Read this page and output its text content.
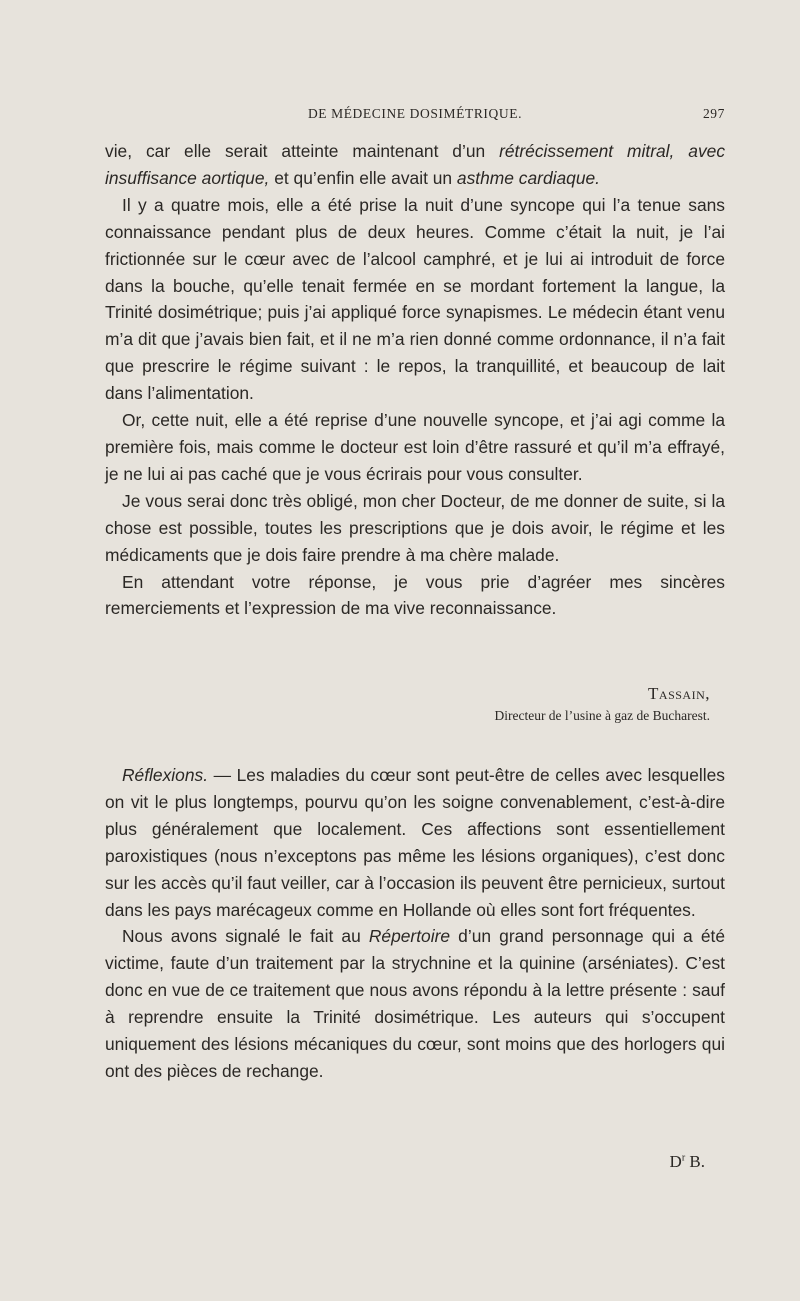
DE MÉDECINE DOSIMÉTRIQUE.	297

vie, car elle serait atteinte maintenant d’un rétrécissement mitral, avec insuffisance aortique, et qu’enfin elle avait un asthme cardiaque.

Il y a quatre mois, elle a été prise la nuit d’une syncope qui l’a tenue sans connaissance pendant plus de deux heures. Comme c’était la nuit, je l’ai frictionnée sur le cœur avec de l’alcool camphré, et je lui ai introduit de force dans la bouche, qu’elle tenait fermée en se mordant fortement la langue, la Trinité dosimétrique; puis j’ai appliqué force synapismes. Le médecin étant venu m’a dit que j’avais bien fait, et il ne m’a rien donné comme ordonnance, il n’a fait que prescrire le régime suivant : le repos, la tranquillité, et beaucoup de lait dans l’alimentation.

Or, cette nuit, elle a été reprise d’une nouvelle syncope, et j’ai agi comme la première fois, mais comme le docteur est loin d’être rassuré et qu’il m’a effrayé, je ne lui ai pas caché que je vous écrirais pour vous consulter.

Je vous serai donc très obligé, mon cher Docteur, de me donner de suite, si la chose est possible, toutes les prescriptions que je dois avoir, le régime et les médicaments que je dois faire prendre à ma chère malade.

En attendant votre réponse, je vous prie d’agréer mes sincères remerciements et l’expression de ma vive reconnaissance.

Tassain,
Directeur de l’usine à gaz de Bucharest.

Réflexions. — Les maladies du cœur sont peut-être de celles avec lesquelles on vit le plus longtemps, pourvu qu’on les soigne convenablement, c’est-à-dire plus généralement que localement. Ces affections sont essentiellement paroxistiques (nous n’exceptons pas même les lésions organiques), c’est donc sur les accès qu’il faut veiller, car à l’occasion ils peuvent être pernicieux, surtout dans les pays marécageux comme en Hollande où elles sont fort fréquentes.

Nous avons signalé le fait au Répertoire d’un grand personnage qui a été victime, faute d’un traitement par la strychnine et la quinine (arséniates). C’est donc en vue de ce traitement que nous avons répondu à la lettre présente : sauf à reprendre ensuite la Trinité dosimétrique. Les auteurs qui s’occupent uniquement des lésions mécaniques du cœur, sont moins que des horlogers qui ont des pièces de rechange.

$D^r$ B.
